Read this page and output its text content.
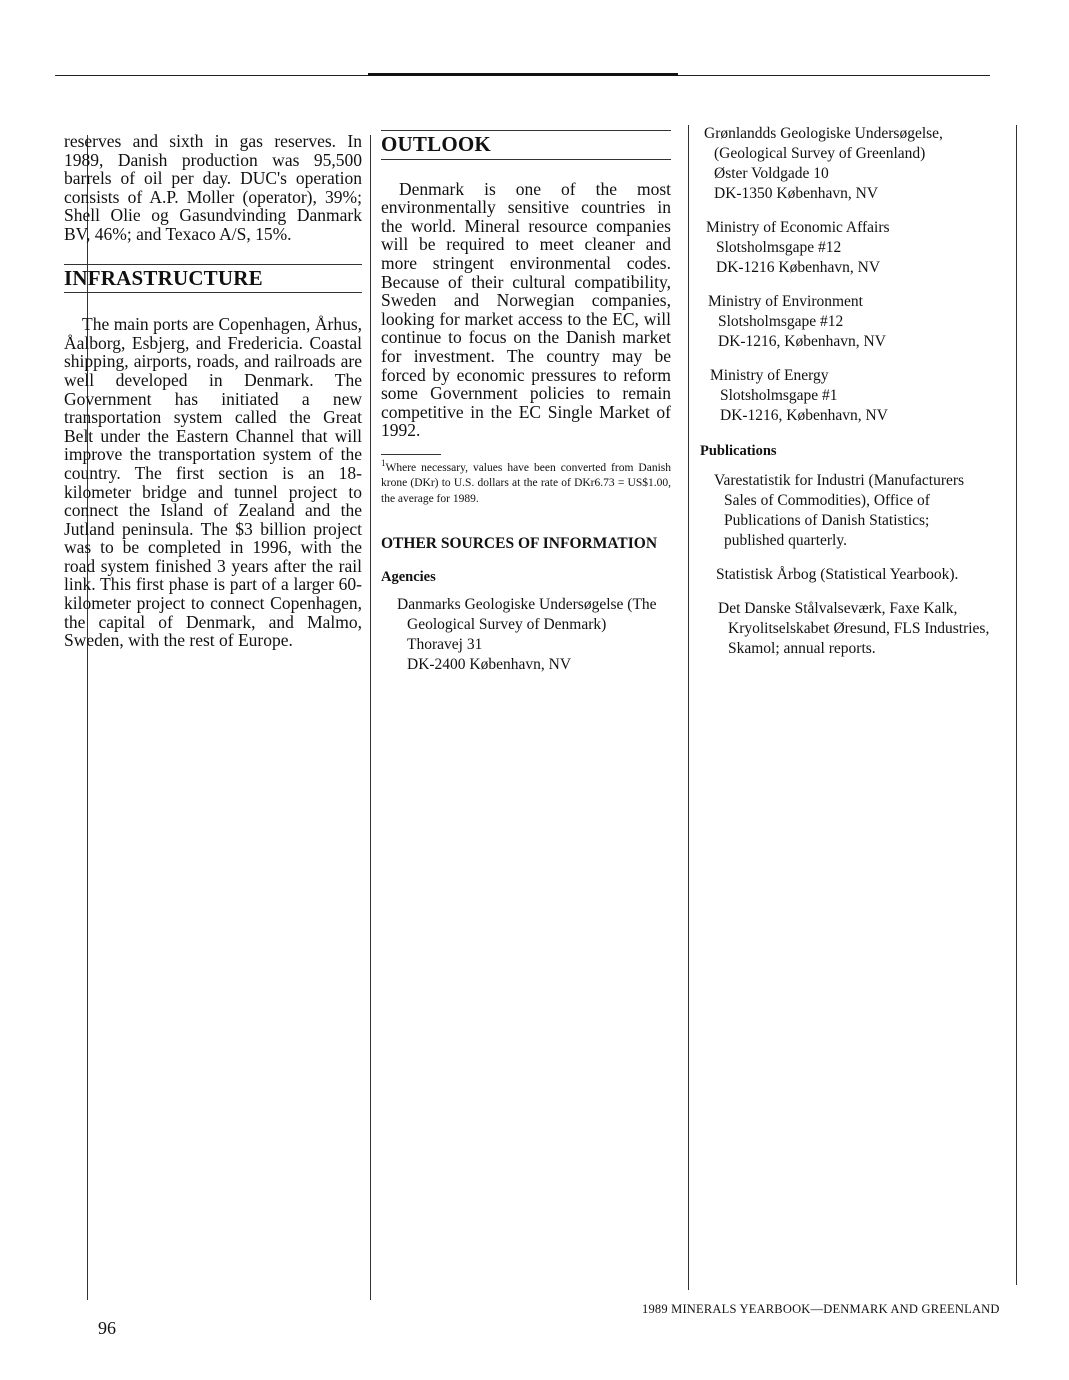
reserves and sixth in gas reserves. In 1989, Danish production was 95,500 barrels of oil per day. DUC's operation consists of A.P. Moller (operator), 39%; Shell Olie og Gasundvinding Danmark BV, 46%; and Texaco A/S, 15%.

INFRASTRUCTURE

The main ports are Copenhagen, Århus, Åalborg, Esbjerg, and Fredericia. Coastal shipping, airports, roads, and railroads are well developed in Denmark. The Government has initiated a new transportation system called the Great Belt under the Eastern Channel that will improve the transportation system of the country. The first section is an 18-kilometer bridge and tunnel project to connect the Island of Zealand and the Jutland peninsula. The $3 billion project was to be completed in 1996, with the road system finished 3 years after the rail link. This first phase is part of a larger 60-kilometer project to connect Copenhagen, the capital of Denmark, and Malmo, Sweden, with the rest of Europe.

OUTLOOK

Denmark is one of the most environmentally sensitive countries in the world. Mineral resource companies will be required to meet cleaner and more stringent environmental codes. Because of their cultural compatibility, Sweden and Norwegian companies, looking for market access to the EC, will continue to focus on the Danish market for investment. The country may be forced by economic pressures to reform some Government policies to remain competitive in the EC Single Market of 1992.

$^1$Where necessary, values have been converted from Danish krone (DKr) to U.S. dollars at the rate of DKr6.73 = US$1.00, the average for 1989.

OTHER SOURCES OF INFORMATION
Agencies
Danmarks Geologiske Undersøgelse (The
Geological Survey of Denmark)
Thoravej 31
DK-2400 København, NV
Grønlandds Geologiske Undersøgelse,
(Geological Survey of Greenland)
Øster Voldgade 10
DK-1350 København, NV
Ministry of Economic Affairs
Slotsholmsgape #12
DK-1216 København, NV
Ministry of Environment
Slotsholmsgape #12
DK-1216, København, NV
Ministry of Energy
Slotsholmsgape #1
DK-1216, København, NV
Publications
Varestatistik for Industri (Manufacturers
Sales of Commodities), Office of
Publications of Danish Statistics;
published quarterly.
Statistisk Årbog (Statistical Yearbook).
Det Danske Stålvalseværk, Faxe Kalk,
Kryolitselskabet Øresund, FLS Industries,
Skamol; annual reports.
96
1989 MINERALS YEARBOOK—DENMARK AND GREENLAND
